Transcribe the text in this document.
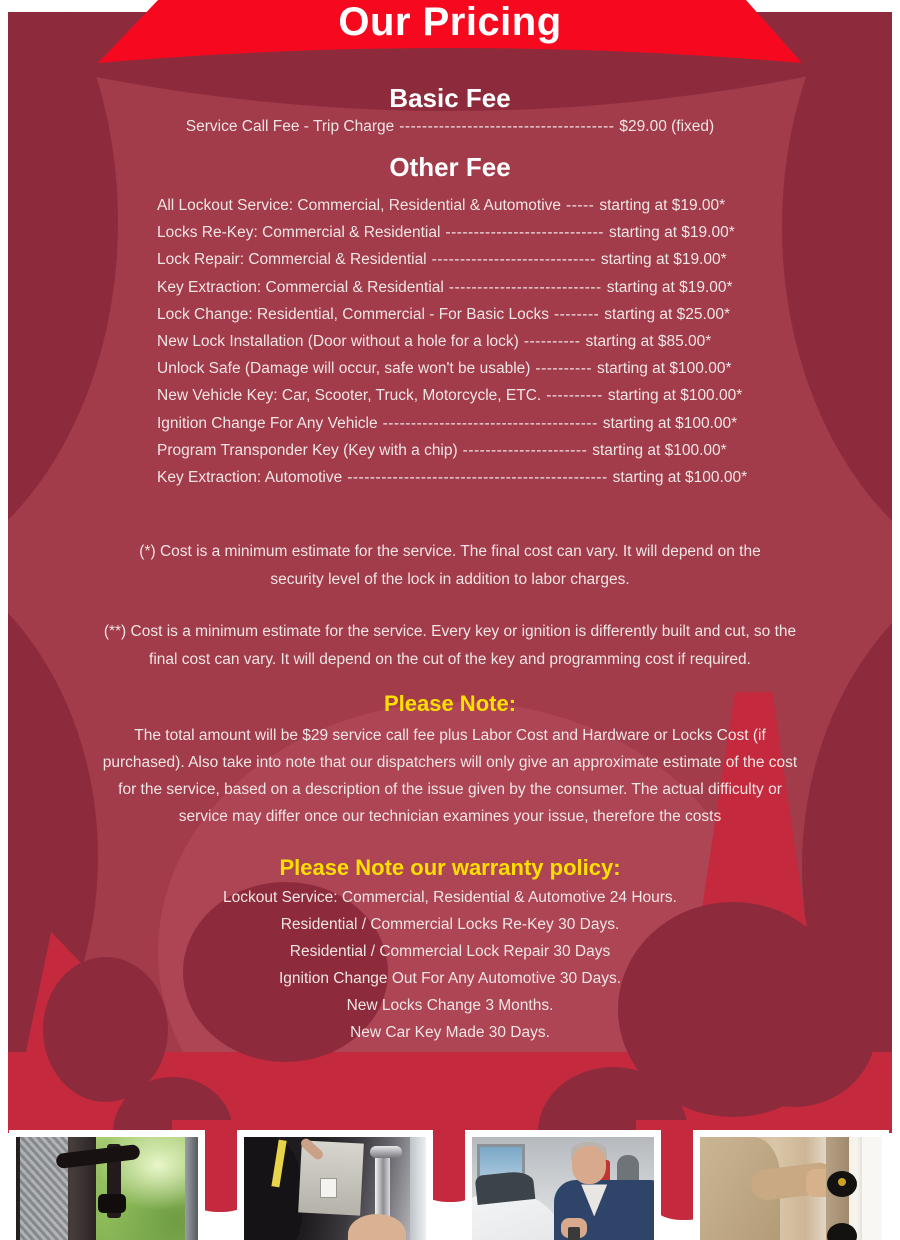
Our Pricing
Basic Fee
Service Call Fee - Trip Charge -------------------------------------- $29.00 (fixed)
Other Fee
All Lockout Service: Commercial, Residential & Automotive ----- starting at $19.00*
Locks Re-Key: Commercial & Residential ---------------------------- starting at $19.00*
Lock Repair: Commercial & Residential ----------------------------- starting at $19.00*
Key Extraction: Commercial & Residential --------------------------- starting at $19.00*
Lock Change: Residential, Commercial - For Basic Locks -------- starting at $25.00*
New Lock Installation (Door without a hole for a lock) ---------- starting at $85.00*
Unlock Safe (Damage will occur, safe won't be usable) ---------- starting at $100.00*
New Vehicle Key: Car, Scooter, Truck, Motorcycle, ETC. ---------- starting at $100.00*
Ignition Change For Any Vehicle -------------------------------------- starting at $100.00*
Program Transponder Key (Key with a chip) ---------------------- starting at $100.00*
Key Extraction: Automotive ---------------------------------------------- starting at $100.00*

(*) Cost is a minimum estimate for the service. The final cost can vary. It will depend on the security level of the lock in addition to labor charges.

(**) Cost is a minimum estimate for the service. Every key or ignition is differently built and cut, so the final cost can vary. It will depend on the cut of the key and programming cost if required.

Please Note:

The total amount will be $29 service call fee plus Labor Cost and Hardware or Locks Cost (if purchased). Also take into note that our dispatchers will only give an approximate estimate of the cost for the service, based on a description of the issue given by the consumer. The actual difficulty or service may differ once our technician examines your issue, therefore the costs

Please Note our warranty policy:
Lockout Service: Commercial, Residential & Automotive 24 Hours.
Residential / Commercial Locks Re-Key 30 Days.
Residential / Commercial Lock Repair 30 Days
Ignition Change Out For Any Automotive 30 Days.
New Locks Change 3 Months.
New Car Key Made 30 Days.
